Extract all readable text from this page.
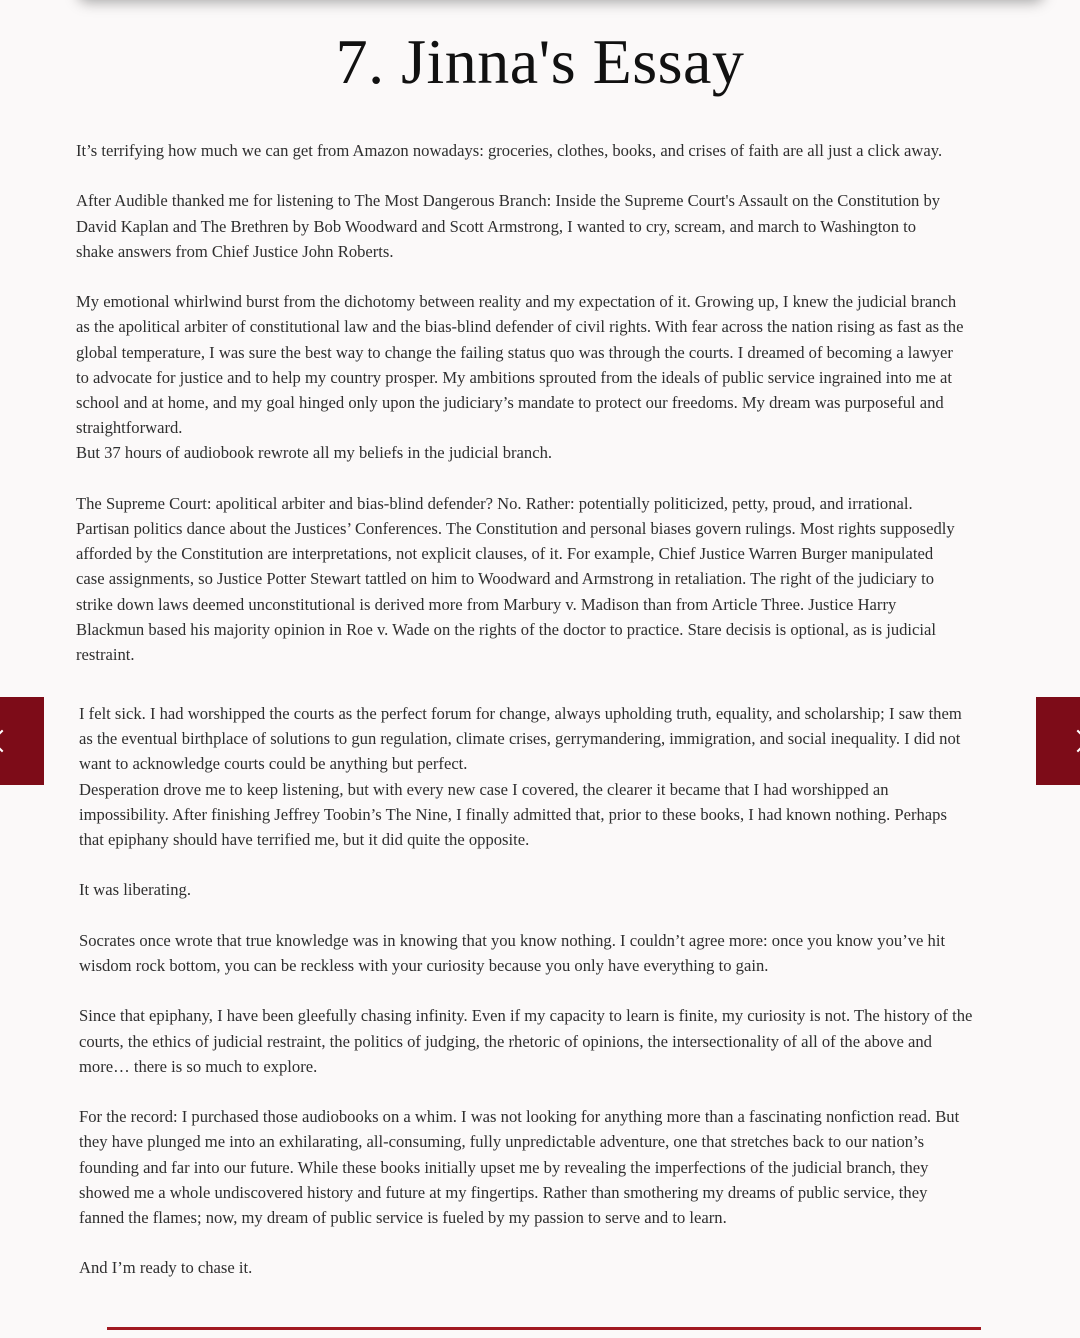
7. Jinna's Essay

It’s terrifying how much we can get from Amazon nowadays: groceries, clothes, books, and crises of faith are all just a click away.

After Audible thanked me for listening to The Most Dangerous Branch: Inside the Supreme Court's Assault on the Constitution by
David Kaplan and The Brethren by Bob Woodward and Scott Armstrong, I wanted to cry, scream, and march to Washington to
shake answers from Chief Justice John Roberts.

My emotional whirlwind burst from the dichotomy between reality and my expectation of it. Growing up, I knew the judicial branch
as the apolitical arbiter of constitutional law and the bias-blind defender of civil rights. With fear across the nation rising as fast as the
global temperature, I was sure the best way to change the failing status quo was through the courts. I dreamed of becoming a lawyer
to advocate for justice and to help my country prosper. My ambitions sprouted from the ideals of public service ingrained into me at
school and at home, and my goal hinged only upon the judiciary’s mandate to protect our freedoms. My dream was purposeful and
straightforward.
But 37 hours of audiobook rewrote all my beliefs in the judicial branch.

The Supreme Court: apolitical arbiter and bias-blind defender? No. Rather: potentially politicized, petty, proud, and irrational.
Partisan politics dance about the Justices’ Conferences. The Constitution and personal biases govern rulings. Most rights supposedly
afforded by the Constitution are interpretations, not explicit clauses, of it. For example, Chief Justice Warren Burger manipulated
case assignments, so Justice Potter Stewart tattled on him to Woodward and Armstrong in retaliation. The right of the judiciary to
strike down laws deemed unconstitutional is derived more from Marbury v. Madison than from Article Three. Justice Harry
Blackmun based his majority opinion in Roe v. Wade on the rights of the doctor to practice. Stare decisis is optional, as is judicial
restraint.

I felt sick. I had worshipped the courts as the perfect forum for change, always upholding truth, equality, and scholarship; I saw them
as the eventual birthplace of solutions to gun regulation, climate crises, gerrymandering, immigration, and social inequality. I did not
want to acknowledge courts could be anything but perfect.
Desperation drove me to keep listening, but with every new case I covered, the clearer it became that I had worshipped an
impossibility. After finishing Jeffrey Toobin’s The Nine, I finally admitted that, prior to these books, I had known nothing. Perhaps
that epiphany should have terrified me, but it did quite the opposite.

It was liberating.

Socrates once wrote that true knowledge was in knowing that you know nothing. I couldn’t agree more: once you know you’ve hit
wisdom rock bottom, you can be reckless with your curiosity because you only have everything to gain.

Since that epiphany, I have been gleefully chasing infinity. Even if my capacity to learn is finite, my curiosity is not. The history of the
courts, the ethics of judicial restraint, the politics of judging, the rhetoric of opinions, the intersectionality of all of the above and
more… there is so much to explore.

For the record: I purchased those audiobooks on a whim. I was not looking for anything more than a fascinating nonfiction read. But
they have plunged me into an exhilarating, all-consuming, fully unpredictable adventure, one that stretches back to our nation’s
founding and far into our future. While these books initially upset me by revealing the imperfections of the judicial branch, they
showed me a whole undiscovered history and future at my fingertips. Rather than smothering my dreams of public service, they
fanned the flames; now, my dream of public service is fueled by my passion to serve and to learn.

And I’m ready to chase it.
